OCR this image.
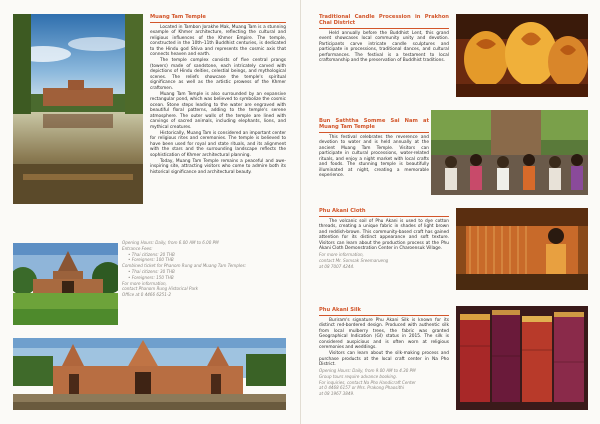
Muang Tam Temple

Located in Tambon Jorakhe Mak, Muang Tam is a stunning example of Khmer architecture, reflecting the cultural and religious influences of the Khmer Empire. The temple, constructed in the 10th–11th Buddhist centuries, is dedicated to the Hindu god Shiva and represents the cosmic axis that connects heaven and earth.

The temple complex consists of five central prangs (towers) made of sandstone, each intricately carved with depictions of Hindu deities, celestial beings, and mythological scenes. The reliefs showcase the temple's spiritual significance as well as the artistic prowess of the Khmer craftsmen.

Muang Tam Temple is also surrounded by an expansive rectangular pond, which was believed to symbolize the cosmic ocean. Stone steps leading to the water are engraved with beautiful floral patterns, adding to the temple's serene atmosphere. The outer walls of the temple are lined with carvings of sacred animals, including elephants, lions, and mythical creatures.

Historically, Muang Tam is considered an important center for religious rites and ceremonies. The temple is believed to have been used for royal and state rituals, and its alignment with the stars and the surrounding landscape reflects the sophistication of Khmer architectural planning.

Today, Muang Tam Temple remains a peaceful and awe-inspiring site, attracting visitors who come to admire both its historical significance and architectural beauty.

Opening Hours: Daily, from 6.00 AM to 6.00 PM

Entrance Fees:

• Thai citizens: 20 THB

• Foreigners: 100 THB

Combined ticket for Phanom Rung and Muang Tam Temples:

• Thai citizens: 30 THB

• Foreigners: 150 THB

For more information,

contact Phanom Rung Historical Park

Office at 0 4466 6251-2

Traditional Candle Procession in Prakhon Chai District

Held annually before the Buddhist Lent, this grand event showcases local community unity and devotion. Participants carve intricate candle sculptures and participate in processions, traditional dances, and cultural performances. The festival is a testament to local craftsmanship and the preservation of Buddhist traditions.

Bun Saththa Somme Sai Nam at Muang Tam Temple

This festival celebrates the reverence and devotion to water and is held annually at the ancient Muang Tam Temple. Visitors can participate in cultural processions, water-related rituals, and enjoy a night market with local crafts and foods. The stunning temple is beautifully illuminated at night, creating a memorable experience.

Phu Akani Cloth

The volcanic soil of Phu Akani is used to dye cotton threads, creating a unique fabric in shades of light brown and reddish-brown. This community-based craft has gained attention for its distinct appearance and soft texture. Visitors can learn about the production process at the Phu Akani Cloth Demonstration Center in Charoensuk Village.

For more information,

contact Mr. Somsak Sreemarueng

at 08 7007 4244.

Phu Akani Silk

Buriram's signature Phu Akani Silk is known for its distinct red-bordered design. Produced with authentic silk from local mulberry trees, the fabric was granted Geographical Indication (GI) status in 2015. The silk is considered auspicious and is often worn at religious ceremonies and weddings.

Visitors can learn about the silk-making process and purchase products at the local craft center in Na Pho District.

Opening Hours: Daily, from 9.00 AM to 4.30 PM

Group tours require advance booking.

For inquiries, contact Na Pho Handicraft Center

at 0 4468 6157 or Mrs. Prakong Phaosithi

at 08 1967 3849.
